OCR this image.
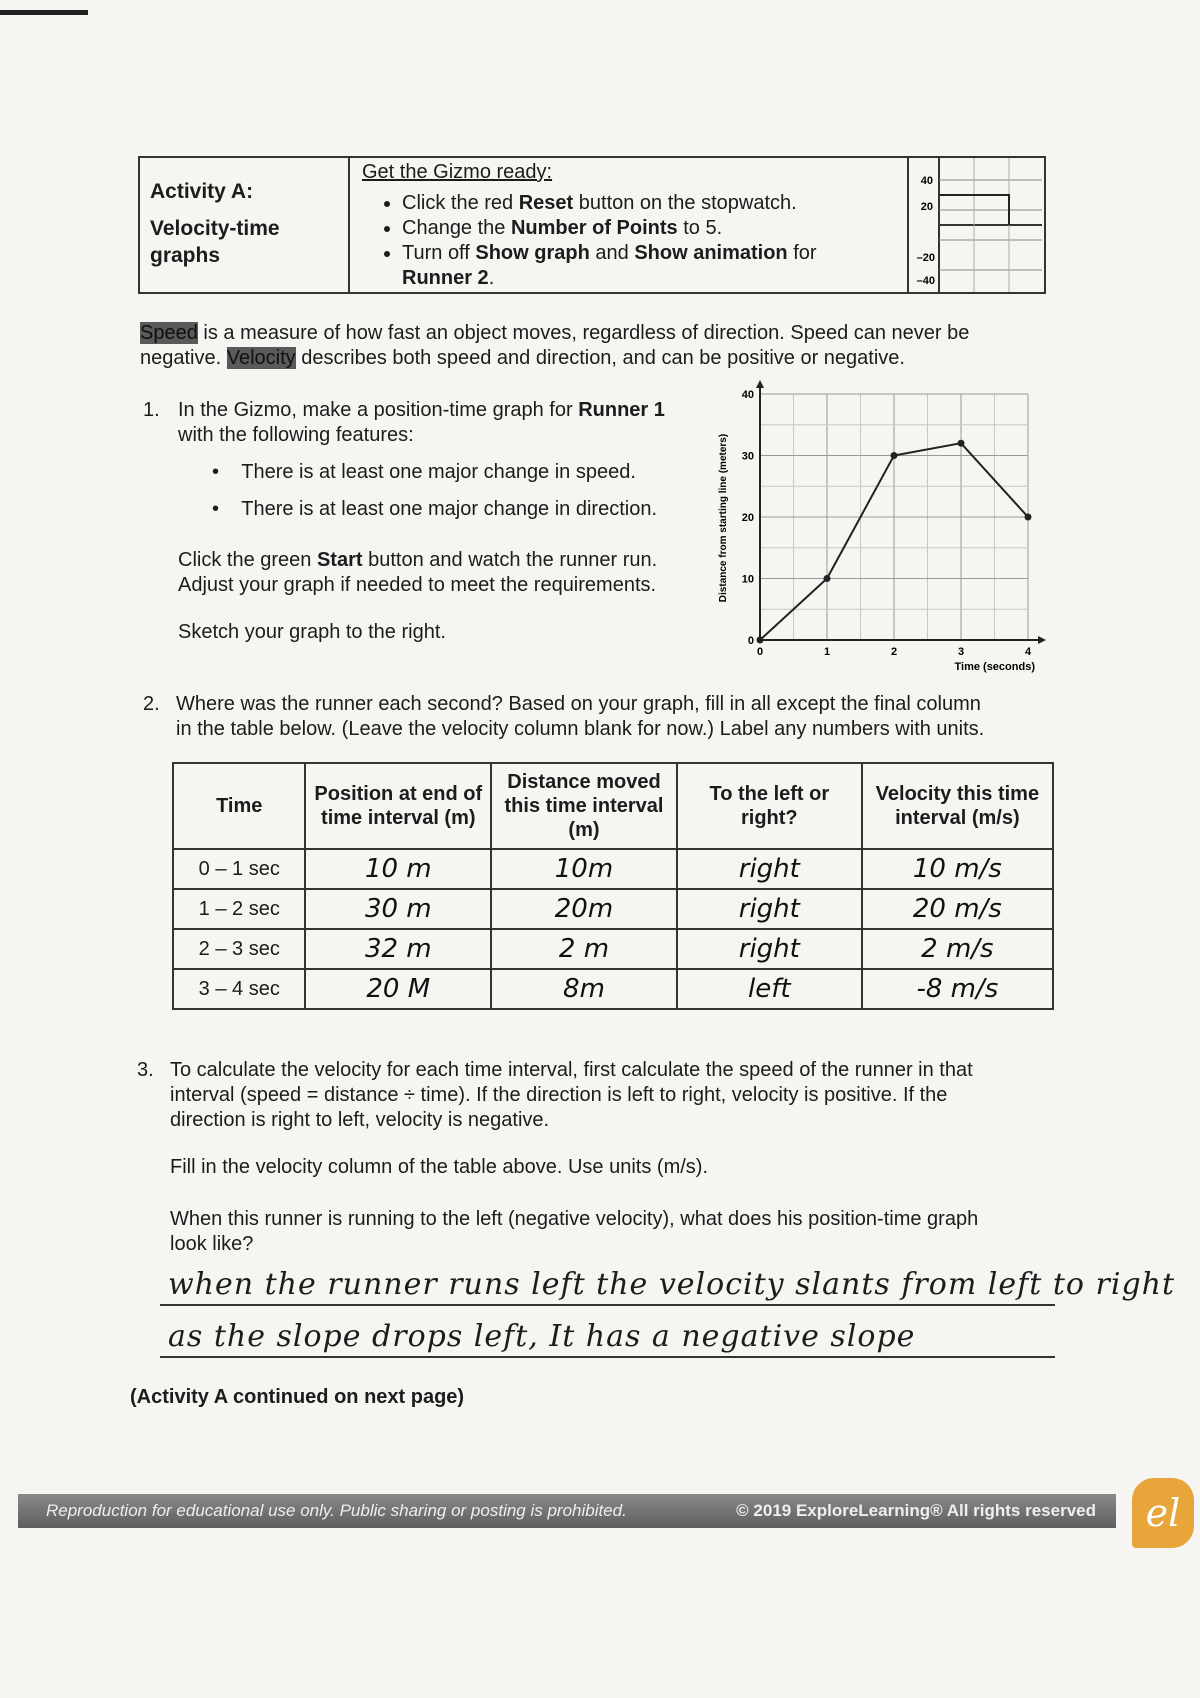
Activity A:
Velocity-time
graphs
Get the Gizmo ready:
• Click the red Reset button on the stopwatch.
• Change the Number of Points to 5.
• Turn off Show graph and Show animation for
Runner 2.
40
20
–20
–40
Speed is a measure of how fast an object moves, regardless of direction. Speed can never be
negative. Velocity describes both speed and direction, and can be positive or negative.
1. In the Gizmo, make a position-time graph for Runner 1
with the following features:
•    There is at least one major change in speed.
•    There is at least one major change in direction.
Click the green Start button and watch the runner run.
Adjust your graph if needed to meet the requirements.
Sketch your graph to the right.
0	1	2	3	4
0
10
20
30
40
Time (seconds)
Distance from starting line (meters)
2. Where was the runner each second? Based on your graph, fill in all except the final column
in the table below. (Leave the velocity column blank for now.) Label any numbers with units.
Time	Position at end of time interval (m)	Distance moved this time interval (m)	To the left or right?	Velocity this time interval (m/s)
0 – 1 sec	10 m	10m	right	10 m/s
1 – 2 sec	30 m	20m	right	20 m/s
2 – 3 sec	32 m	2 m	right	2 m/s
3 – 4 sec	20 M	8m	left	-8 m/s
3. To calculate the velocity for each time interval, first calculate the speed of the runner in that
interval (speed = distance ÷ time). If the direction is left to right, velocity is positive. If the
direction is right to left, velocity is negative.
Fill in the velocity column of the table above. Use units (m/s).
When this runner is running to the left (negative velocity), what does his position-time graph
look like?
when the runner runs left the velocity slants from left to right
as the slope drops left, It has a negative slope
(Activity A continued on next page)
Reproduction for educational use only. Public sharing or posting is prohibited.	© 2019 ExploreLearning® All rights reserved el
